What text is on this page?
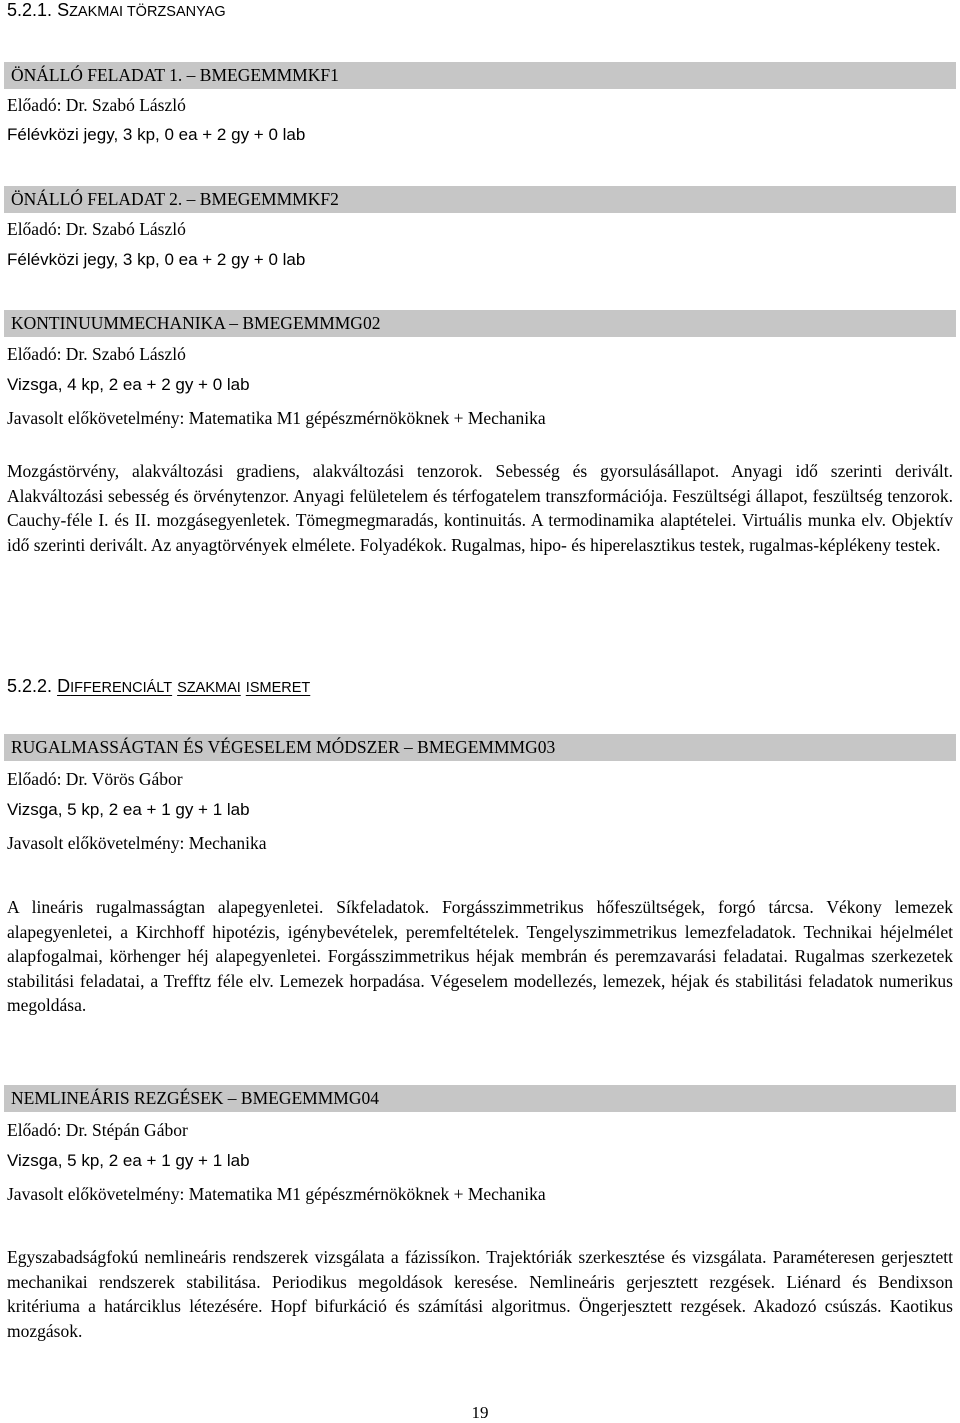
5.2.1. SZAKMAI TÖRZSANYAG
ÖNÁLLÓ FELADAT 1. – BMEGEMMMKF1
Előadó: Dr. Szabó László
Félévközi jegy, 3 kp, 0 ea + 2 gy + 0 lab
ÖNÁLLÓ FELADAT 2. – BMEGEMMMKF2
Előadó: Dr. Szabó László
Félévközi jegy, 3 kp, 0 ea + 2 gy + 0 lab
KONTINUUMMECHANIKA – BMEGEMMMG02
Előadó: Dr. Szabó László
Vizsga, 4 kp, 2 ea + 2 gy + 0 lab
Javasolt előkövetelmény: Matematika M1 gépészmérnököknek + Mechanika
Mozgástörvény, alakváltozási gradiens, alakváltozási tenzorok. Sebesség és gyorsulásállapot. Anyagi idő szerinti derivált. Alakváltozási sebesség és örvénytenzor. Anyagi felületelem és térfogatelem transzformációja. Feszültségi állapot, feszültség tenzorok. Cauchy-féle I. és II. mozgásegyenletek. Tömegmegmaradás, kontinuitás. A termodinamika alaptételei. Virtuális munka elv. Objektív idő szerinti derivált. Az anyagtörvények elmélete. Folyadékok. Rugalmas, hipo- és hiperelasztikus testek, rugalmas-képlékeny testek.
5.2.2. DIFFERENCIÁLT SZAKMAI ISMERET
RUGALMASSÁGTAN ÉS VÉGESELEM MÓDSZER – BMEGEMMMG03
Előadó: Dr. Vörös Gábor
Vizsga, 5 kp, 2 ea + 1 gy + 1 lab
Javasolt előkövetelmény: Mechanika
A lineáris rugalmasságtan alapegyenletei. Síkfeladatok. Forgásszimmetrikus hőfeszültségek, forgó tárcsa. Vékony lemezek alapegyenletei, a Kirchhoff hipotézis, igénybevételek, peremfeltételek. Tengelyszimmetrikus lemezfeladatok. Technikai héjelmélet alapfogalmai, körhenger héj alapegyenletei. Forgásszimmetrikus héjak membrán és peremzavarási feladatai. Rugalmas szerkezetek stabilitási feladatai, a Trefftz féle elv. Lemezek horpadása. Végeselem modellezés, lemezek, héjak és stabilitási feladatok numerikus megoldása.
NEMLINEÁRIS REZGÉSEK – BMEGEMMMG04
Előadó: Dr. Stépán Gábor
Vizsga, 5 kp, 2 ea + 1 gy + 1 lab
Javasolt előkövetelmény: Matematika M1 gépészmérnököknek + Mechanika
Egyszabadságfokú nemlineáris rendszerek vizsgálata a fázissíkon. Trajektóriák szerkesztése és vizsgálata. Paraméteresen gerjesztett mechanikai rendszerek stabilitása. Periodikus megoldások keresése. Nemlineáris gerjesztett rezgések. Liénard és Bendixson kritériuma a határciklus létezésére. Hopf bifurkáció és számítási algoritmus. Öngerjesztett rezgések. Akadozó csúszás. Kaotikus mozgások.
19
